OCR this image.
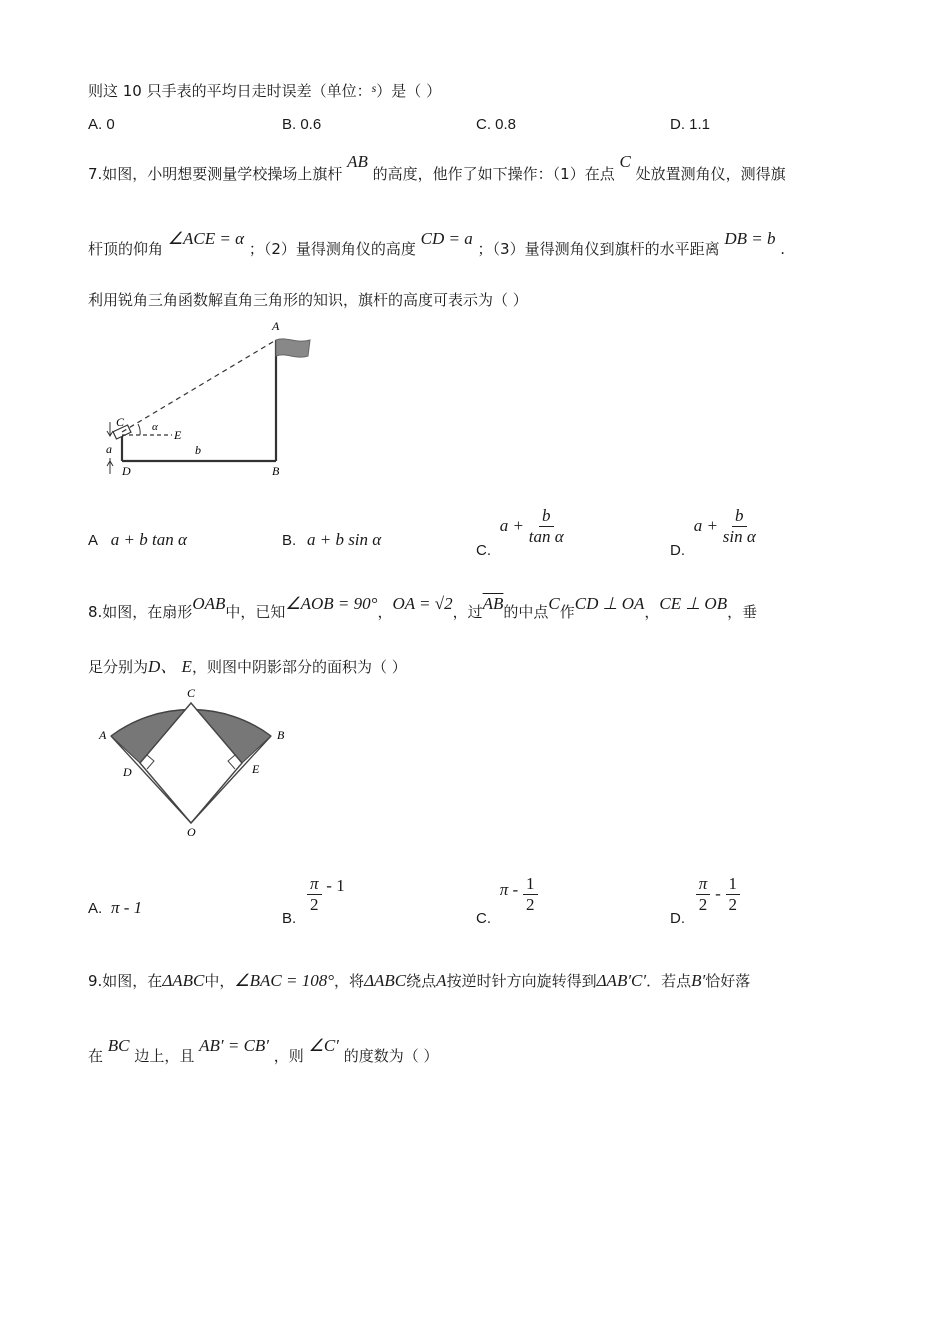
则这 10 只手表的平均日走时误差（单位：$^s$）是（ ）
A. 0	B. 0.6	C. 0.8	D. 1.1
7.如图，小明想要测量学校操场上旗杆 AB 的高度，他作了如下操作：（1）在点 C 处放置测角仪，测得旗
杆顶的仰角 ∠ACE = α ；（2）量得测角仪的高度 CD = a ；（3）量得测角仪到旗杆的水平距离 DB = b .
利用锐角三角函数解直角三角形的知识，旗杆的高度可表示为（ ）
A
B
C
D
E
α
a	b
A a + b tan α	B. a + b sin α
C. $a + \frac{b}{\text{tan α}}$
D. $a + \frac{b}{\text{sin α}}$
8.如图，在扇形OAB中，已知∠AOB = 90°，OA = √2，过$\overline{AB}$的中点C作CD ⊥ OA，CE ⊥ OB，垂
足分别为D、 E，则图中阴影部分的面积为（ ）
C
A	B
D	E
O
A. π - 1
B.
$\frac{\pi}{2} - 1$
C. π - $\frac{1}{2}$
D.
$\frac{\pi}{2} - \frac{1}{2}$
9.如图，在ΔABC中，∠BAC = 108°，将ΔABC绕点A按逆时针方向旋转得到ΔAB′C′．若点B′恰好落
在 BC 边上，且 AB′ = CB′ ，则 ∠C′ 的度数为（ ）
